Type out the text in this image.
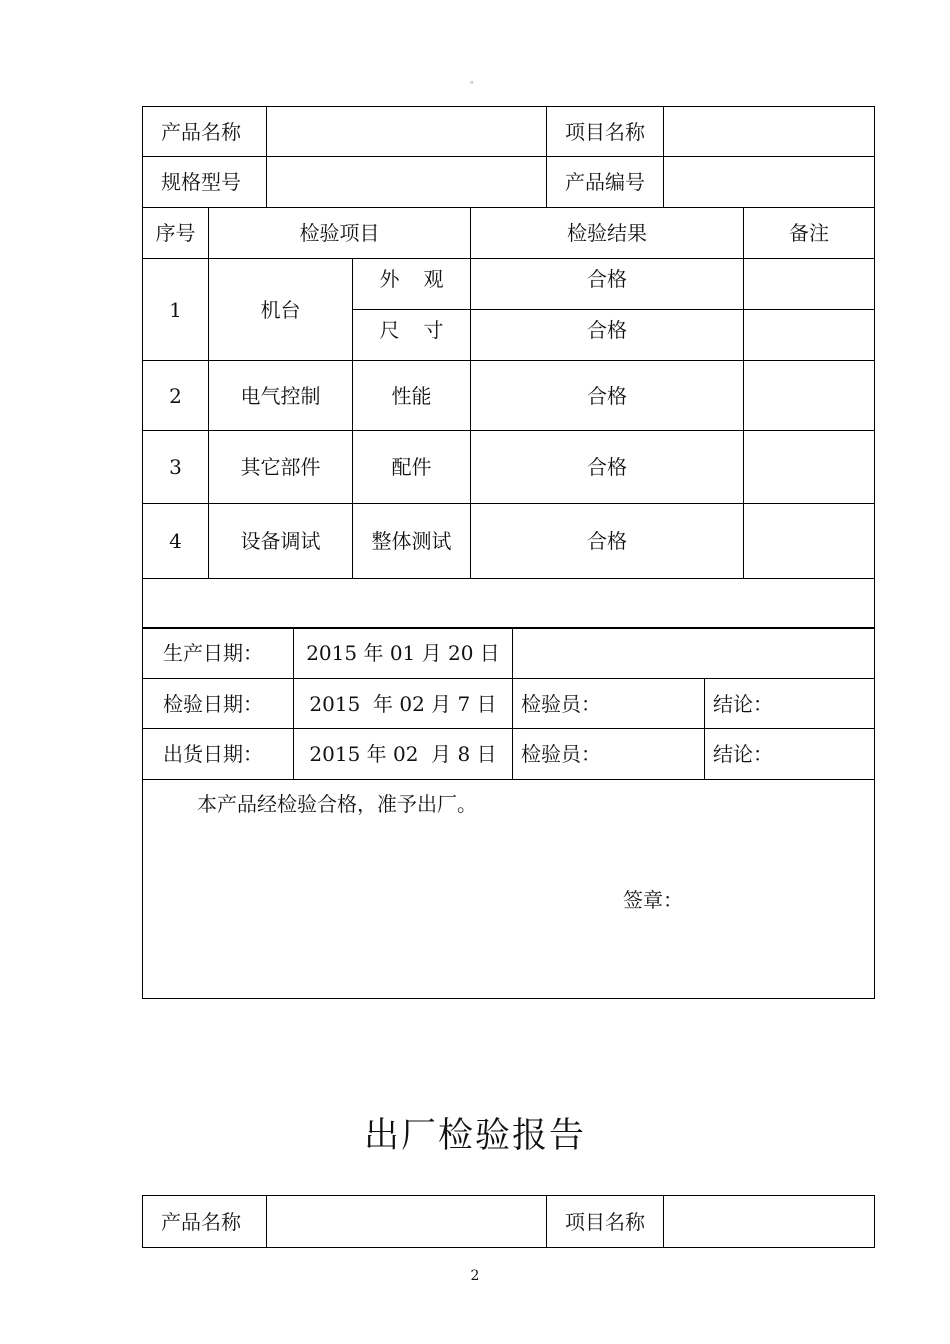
。
产品名称		项目名称	
规格型号		产品编号	
序号	检验项目		检验结果	备注
1	机台	外观	合格	
		尺寸	合格	
2	电气控制	性能	合格	
3	其它部件	配件	合格	
4	设备调试	整体测试	合格	

生产日期：	2015 年 01 月 20 日		
检验日期：	2015  年 02 月 7 日	检验员：	结论：
出货日期：	2015 年 02  月 8 日	检验员：	结论：

本产品经检验合格，准予出厂。
签章：			
出厂检验报告
产品名称		项目名称	
2
